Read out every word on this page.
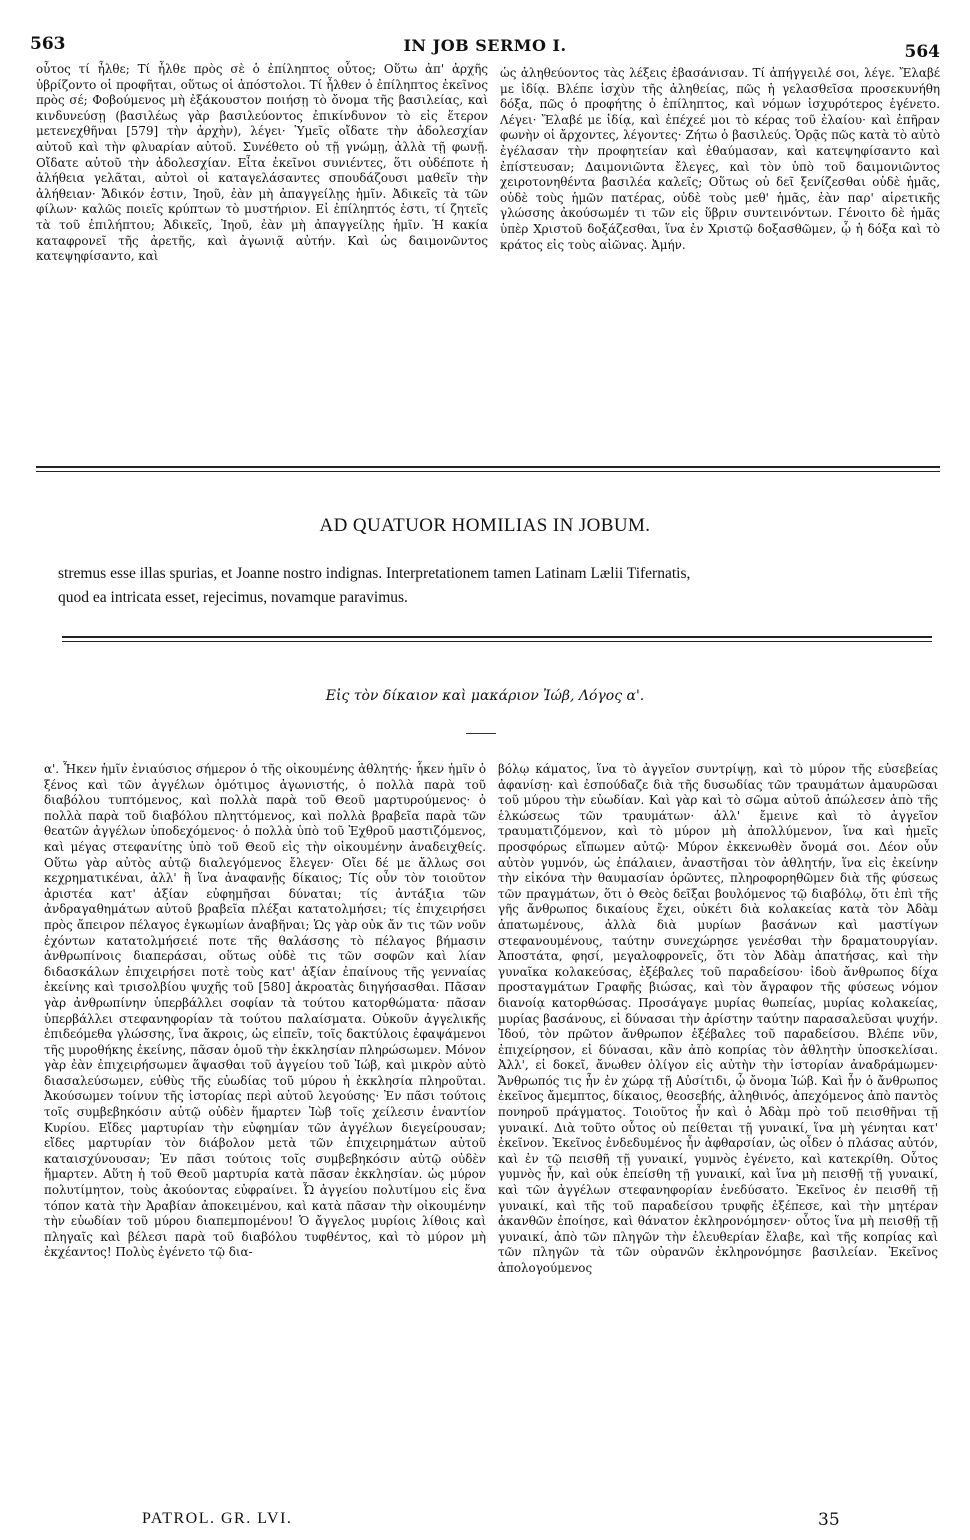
563	IN JOB SERMO I.	564

οὗτος τί ἦλθε; Τί ἦλθε πρὸς σὲ ὁ ἐπίληπτος οὗτος; Οὕτω ἀπ' ἀρχῆς ὑβρίζοντο οἱ προφῆται, οὕτως οἱ ἀπόστολοι. Τί ἦλθεν ὁ ἐπίληπτος ἐκεῖνος πρὸς σέ; Φοβούμενος μὴ ἐξάκουστον ποιήσῃ τὸ ὄνομα τῆς βασιλείας, καὶ κινδυνεύσῃ (βασιλέως γὰρ βασιλεύοντος ἐπικίνδυνον τὸ εἰς ἕτερον μετενεχθῆναι [579] τὴν ἀρχὴν), λέγει· Ὑμεῖς οἴδατε τὴν ἀδολεσχίαν αὐτοῦ καὶ τὴν φλυαρίαν αὐτοῦ. Συνέθετο οὐ τῇ γνώμῃ, ἀλλὰ τῇ φωνῇ. Οἴδατε αὐτοῦ τὴν ἀδολεσχίαν. Εἶτα ἐκεῖνοι συνιέντες, ὅτι οὐδέποτε ἡ ἀλήθεια γελᾶται, αὐτοὶ οἱ καταγελάσαντες σπουδάζουσι μαθεῖν τὴν ἀλήθειαν· Ἄδικόν ἐστιν, Ἰηοῦ, ἐὰν μὴ ἀπαγγείλῃς ἡμῖν. Ἀδικεῖς τὰ τῶν φίλων· καλῶς ποιεῖς κρύπτων τὸ μυστήριον. Εἰ ἐπίληπτός ἐστι, τί ζητεῖς τὰ τοῦ ἐπιλήπτου; Ἀδικεῖς, Ἰηοῦ, ἐὰν μὴ ἀπαγγείλῃς ἡμῖν. Ἡ κακία καταφρονεῖ τῆς ἀρετῆς, καὶ ἀγωνιᾷ αὐτήν. Καὶ ὡς δαιμονῶντος κατεψηφίσαντο, καὶ

ὡς ἀληθεύοντος τὰς λέξεις ἐβασάνισαν. Τί ἀπήγγειλέ σοι, λέγε. Ἔλαβέ με ἰδίᾳ. Βλέπε ἰσχὺν τῆς ἀληθείας, πῶς ἡ γελασθεῖσα προσεκυνήθη δόξα, πῶς ὁ προφήτης ὁ ἐπίληπτος, καὶ νόμων ἰσχυρότερος ἐγένετο. Λέγει· Ἔλαβέ με ἰδίᾳ, καὶ ἐπέχεέ μοι τὸ κέρας τοῦ ἐλαίου· καὶ ἐπῆραν φωνὴν οἱ ἄρχοντες, λέγοντες· Ζήτω ὁ βασιλεύς. Ὁρᾷς πῶς κατὰ τὸ αὐτὸ ἐγέλασαν τὴν προφητείαν καὶ ἐθαύμασαν, καὶ κατεψηφίσαντο καὶ ἐπίστευσαν; Δαιμονιῶντα ἔλεγες, καὶ τὸν ὑπὸ τοῦ δαιμονιῶντος χειροτονηθέντα βασιλέα καλεῖς; Οὕτως οὐ δεῖ ξενίζεσθαι οὐδὲ ἡμᾶς, οὐδὲ τοὺς ἡμῶν πατέρας, οὐδὲ τοὺς μεθ' ἡμᾶς, ἐὰν παρ' αἱρετικῆς γλώσσης ἀκούσωμέν τι τῶν εἰς ὕβριν συντεινόντων. Γένοιτο δὲ ἡμᾶς ὑπὲρ Χριστοῦ δοξάζεσθαι, ἵνα ἐν Χριστῷ δοξασθῶμεν, ᾧ ἡ δόξα καὶ τὸ κράτος εἰς τοὺς αἰῶνας. Ἀμήν.

AD QUATUOR HOMILIAS IN JOBUM.

stremus esse illas spurias, et Joanne nostro indignas. Interpretationem tamen Latinam Lælii Tifernatis,

quod ea intricata esset, rejecimus, novamque paravimus.

Εἰς τὸν δίκαιον καὶ μακάριον Ἰώβ, Λόγος α'.

α'. Ἧκεν ἡμῖν ἐνιαύσιος σήμερον ὁ τῆς οἰκουμένης ἀθλητής· ἧκεν ἡμῖν ὁ ξένος καὶ τῶν ἀγγέλων ὁμότιμος ἀγωνιστής, ὁ πολλὰ παρὰ τοῦ διαβόλου τυπτόμενος, καὶ πολλὰ παρὰ τοῦ Θεοῦ μαρτυρούμενος· ὁ πολλὰ παρὰ τοῦ διαβόλου πληττόμενος, καὶ πολλὰ βραβεῖα παρὰ τῶν θεατῶν ἀγγέλων ὑποδεχόμενος· ὁ πολλὰ ὑπὸ τοῦ Ἐχθροῦ μαστιζόμενος, καὶ μέγας στεφανίτης ὑπὸ τοῦ Θεοῦ εἰς τὴν οἰκουμένην ἀναδειχθείς. Οὕτω γὰρ αὐτὸς αὐτῷ διαλεγόμενος ἔλεγεν· Οἴει δέ με ἄλλως σοι κεχρηματικέναι, ἀλλ' ἢ ἵνα ἀναφανῇς δίκαιος; Τίς οὖν τὸν τοιοῦτον ἀριστέα κατ' ἀξίαν εὐφημῆσαι δύναται; τίς ἀντάξια τῶν ἀνδραγαθημάτων αὐτοῦ βραβεῖα πλέξαι κατατολμήσει; τίς ἐπιχειρήσει πρὸς ἄπειρον πέλαγος ἐγκωμίων ἀναβῆναι; Ὡς γὰρ οὐκ ἄν τις τῶν νοῦν ἐχόντων κατατολμήσειέ ποτε τῆς θαλάσσης τὸ πέλαγος βήμασιν ἀνθρωπίνοις διαπεράσαι, οὕτως οὐδὲ τις τῶν σοφῶν καὶ λίαν διδασκάλων ἐπιχειρήσει ποτὲ τοὺς κατ' ἀξίαν ἐπαίνους τῆς γενναίας ἐκείνης καὶ τρισολβίου ψυχῆς τοῦ [580] ἀκροατὰς διηγήσασθαι. Πᾶσαν γὰρ ἀνθρωπίνην ὑπερβάλλει σοφίαν τὰ τούτου κατορθώματα· πᾶσαν ὑπερβάλλει στεφανηφορίαν τὰ τούτου παλαίσματα. Οὐκοῦν ἀγγελικῆς ἐπιδεόμεθα γλώσσης, ἵνα ἄκροις, ὡς εἰπεῖν, τοῖς δακτύλοις ἐφαψάμενοι τῆς μυροθήκης ἐκείνης, πᾶσαν ὁμοῦ τὴν ἐκκλησίαν πληρώσωμεν. Μόνον γὰρ ἐὰν ἐπιχειρήσωμεν ἅψασθαι τοῦ ἀγγείου τοῦ Ἰώβ, καὶ μικρὸν αὐτὸ διασαλεύσωμεν, εὐθὺς τῆς εὐωδίας τοῦ μύρου ἡ ἐκκλησία πληροῦται. Ἀκούσωμεν τοίνυν τῆς ἱστορίας περὶ αὐτοῦ λεγούσης· Ἐν πᾶσι τούτοις τοῖς συμβεβηκόσιν αὐτῷ οὐδὲν ἥμαρτεν Ἰὼβ τοῖς χείλεσιν ἐναντίον Κυρίου. Εἴδες μαρτυρίαν τὴν εὐφημίαν τῶν ἀγγέλων διεγείρουσαν; εἴδες μαρτυρίαν τὸν διάβολον μετὰ τῶν ἐπιχειρημάτων αὐτοῦ καταισχύνουσαν; Ἐν πᾶσι τούτοις τοῖς συμβεβηκόσιν αὐτῷ οὐδὲν ἥμαρτεν. Αὕτη ἡ τοῦ Θεοῦ μαρτυρία κατὰ πᾶσαν ἐκκλησίαν. ὡς μύρον πολυτίμητον, τοὺς ἀκούοντας εὐφραίνει. Ὦ ἀγγείου πολυτίμου εἰς ἕνα τόπον κατὰ τὴν Ἀραβίαν ἀποκειμένου, καὶ κατὰ πᾶσαν τὴν οἰκουμένην τὴν εὐωδίαν τοῦ μύρου διαπεμπομένου! Ὁ ἄγγελος μυρίοις λίθοις καὶ πληγαῖς καὶ βέλεσι παρὰ τοῦ διαβόλου τυφθέντος, καὶ τὸ μύρον μὴ ἐκχέαντος! Πολὺς ἐγένετο τῷ δια-

βόλῳ κάματος, ἵνα τὸ ἀγγεῖον συντρίψῃ, καὶ τὸ μύρον τῆς εὐσεβείας ἀφανίσῃ· καὶ ἐσπούδαζε διὰ τῆς δυσωδίας τῶν τραυμάτων ἀμαυρῶσαι τοῦ μύρου τὴν εὐωδίαν. Καὶ γὰρ καὶ τὸ σῶμα αὐτοῦ ἀπώλεσεν ἀπὸ τῆς ἑλκώσεως τῶν τραυμάτων· ἀλλ' ἔμεινε καὶ τὸ ἀγγεῖον τραυματιζόμενον, καὶ τὸ μύρον μὴ ἀπολλύμενον, ἵνα καὶ ἡμεῖς προσφόρως εἴπωμεν αὐτῷ· Μύρον ἐκκενωθὲν ὄνομά σοι. Δέον οὖν αὐτὸν γυμνόν, ὡς ἐπάλαιεν, ἀναστῆσαι τὸν ἀθλητήν, ἵνα εἰς ἐκείνην τὴν εἰκόνα τὴν θαυμασίαν ὁρῶντες, πληροφορηθῶμεν διὰ τῆς φύσεως τῶν πραγμάτων, ὅτι ὁ Θεὸς δεῖξαι βουλόμενος τῷ διαβόλῳ, ὅτι ἐπὶ τῆς γῆς ἄνθρωπος δικαίους ἔχει, οὐκέτι διὰ κολακείας κατὰ τὸν Ἀδὰμ ἀπατωμένους, ἀλλὰ διὰ μυρίων βασάνων καὶ μαστίγων στεφανουμένους, ταύτην συνεχώρησε γενέσθαι τὴν δραματουργίαν. Ἀποστάτα, φησί, μεγαλοφρονεῖς, ὅτι τὸν Ἀδὰμ ἀπατήσας, καὶ τὴν γυναῖκα κολακεύσας, ἐξέβαλες τοῦ παραδείσου· ἰδοὺ ἄνθρωπος δίχα προσταγμάτων Γραφῆς βιώσας, καὶ τὸν ἄγραφον τῆς φύσεως νόμον διανοίᾳ κατορθώσας. Προσάγαγε μυρίας θωπείας, μυρίας κολακείας, μυρίας βασάνους, εἰ δύνασαι τὴν ἀρίστην ταύτην παρασαλεῦσαι ψυχήν. Ἰδού, τὸν πρῶτον ἄνθρωπον ἐξέβαλες τοῦ παραδείσου. Βλέπε νῦν, ἐπιχείρησον, εἰ δύνασαι, κἂν ἀπὸ κοπρίας τὸν ἀθλητὴν ὑποσκελίσαι. Ἀλλ', εἰ δοκεῖ, ἄνωθεν ὀλίγον εἰς αὐτὴν τὴν ἱστορίαν ἀναδράμωμεν· Ἄνθρωπός τις ἦν ἐν χώρᾳ τῇ Αὐσίτιδι, ᾧ ὄνομα Ἰώβ. Καὶ ἦν ὁ ἄνθρωπος ἐκεῖνος ἄμεμπτος, δίκαιος, θεοσεβής, ἀληθινός, ἀπεχόμενος ἀπὸ παντὸς πονηροῦ πράγματος. Τοιοῦτος ἦν καὶ ὁ Ἀδὰμ πρὸ τοῦ πεισθῆναι τῇ γυναικί. Διὰ τοῦτο οὗτος οὐ πείθεται τῇ γυναικί, ἵνα μὴ γένηται κατ' ἐκεῖνον. Ἐκεῖνος ἐνδεδυμένος ἦν ἀφθαρσίαν, ὡς οἶδεν ὁ πλάσας αὐτόν, καὶ ἐν τῷ πεισθῆ τῇ γυναικί, γυμνὸς ἐγένετο, καὶ κατεκρίθη. Οὗτος γυμνὸς ἦν, καὶ οὐκ ἐπείσθη τῇ γυναικί, καὶ ἵνα μὴ πεισθῇ τῇ γυναικί, καὶ τῶν ἀγγέλων στεφανηφορίαν ἐνεδύσατο. Ἐκεῖνος ἐν πεισθῆ τῇ γυναικί, καὶ τῆς τοῦ παραδείσου τρυφῆς ἐξέπεσε, καὶ τὴν μητέραν ἀκανθῶν ἐποίησε, καὶ θάνατον ἐκληρονόμησεν· οὗτος ἵνα μὴ πεισθῇ τῇ γυναικί, ἀπὸ τῶν πληγῶν τὴν ἐλευθερίαν ἔλαβε, καὶ τῆς κοπρίας καὶ τῶν πληγῶν τὰ τῶν οὐρανῶν ἐκληρονόμησε βασιλείαν. Ἐκεῖνος ἀπολογούμενος

PATROL. GR. LVI.	35
